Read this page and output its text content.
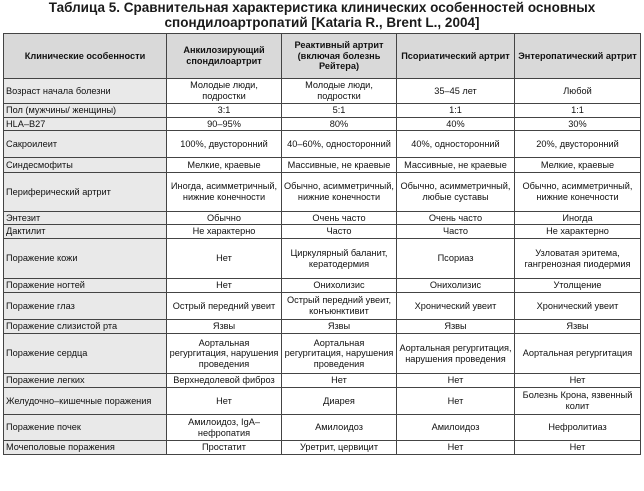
Таблица 5. Сравнительная характеристика клинических особенностей основных спондилоартропатий [Kataria R., Brent L., 2004]
Клинические особенности	Анкилозирующий спондилоартрит	Реактивный артрит (включая болезнь Рейтера)	Псориатический артрит	Энтеропатический артрит
Возраст начала болезни	Молодые люди, подростки	Молодые люди, подростки	35–45 лет	Любой
Пол (мужчины/ женщины)	3:1	5:1	1:1	1:1
HLA–B27	90–95%	80%	40%	30%
Сакроилеит	100%, двусторонний	40–60%, односторонний	40%, односторонний	20%, двусторонний
Синдесмофиты	Мелкие, краевые	Массивные, не краевые	Массивные, не краевые	Мелкие, краевые
Периферический артрит	Иногда, асимметричный, нижние конечности	Обычно, асимметричный, нижние конечности	Обычно, асимметричный, любые суставы	Обычно, асимметричный, нижние конечности
Энтезит	Обычно	Очень часто	Очень часто	Иногда
Дактилит	Не характерно	Часто	Часто	Не характерно
Поражение кожи	Нет	Циркулярный баланит, кератодермия	Псориаз	Узловатая эритема, гангренозная пиодермия
Поражение ногтей	Нет	Онихолизис	Онихолизис	Утолщение
Поражение глаз	Острый передний увеит	Острый передний увеит, конъюнктивит	Хронический увеит	Хронический увеит
Поражение слизистой рта	Язвы	Язвы	Язвы	Язвы
Поражение сердца	Аортальная регургитация, нарушения проведения	Аортальная регургитация, нарушения проведения	Аортальная регургитация, нарушения проведения	Аортальная регургитация
Поражение легких	Верхнедолевой фиброз	Нет	Нет	Нет
Желудочно–кишечные поражения	Нет	Диарея	Нет	Болезнь Крона, язвенный колит
Поражение почек	Амилоидоз, IgA–нефропатия	Амилоидоз	Амилоидоз	Нефролитиаз
Мочеполовые поражения	Простатит	Уретрит, цервицит	Нет	Нет
